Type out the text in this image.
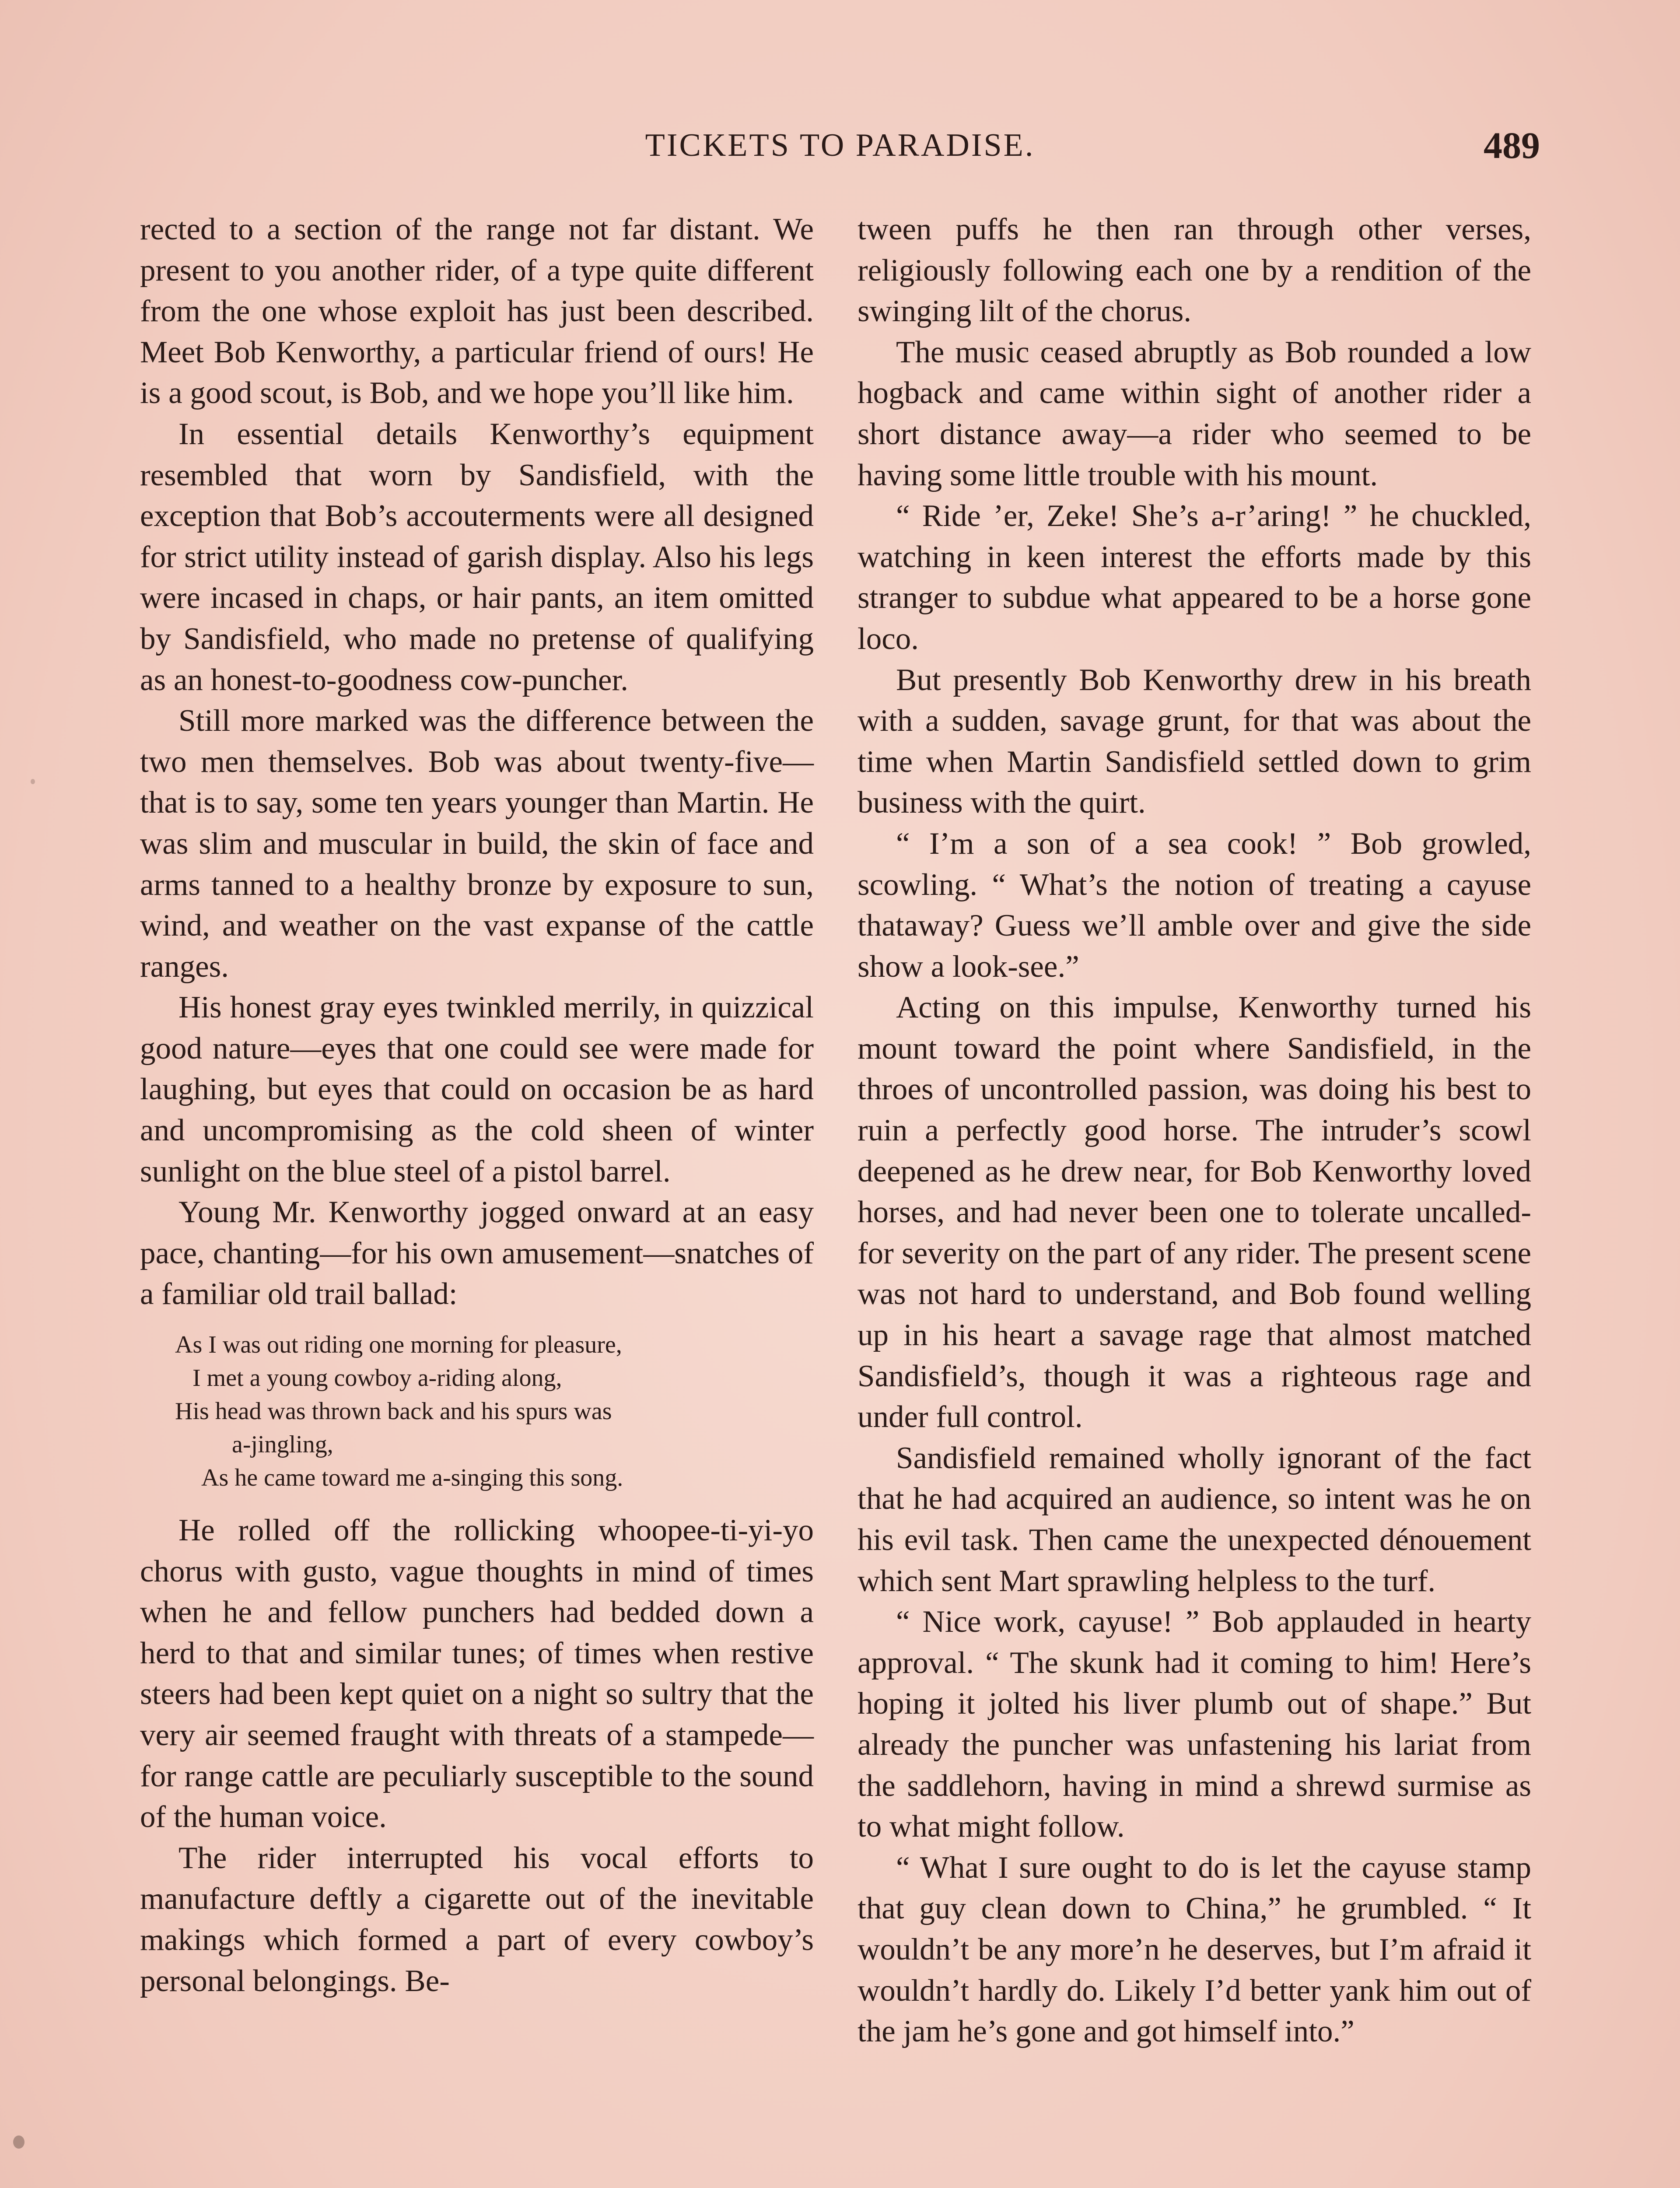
TICKETS TO PARADISE.	489

rected to a section of the range not far distant. We present to you another rider, of a type quite different from the one whose exploit has just been described. Meet Bob Kenworthy, a particular friend of ours! He is a good scout, is Bob, and we hope you’ll like him.

In essential details Kenworthy’s equipment resembled that worn by Sandisfield, with the exception that Bob’s accouterments were all designed for strict utility instead of garish display. Also his legs were incased in chaps, or hair pants, an item omitted by Sandisfield, who made no pretense of qualifying as an honest-to-goodness cow-puncher.

Still more marked was the difference between the two men themselves. Bob was about twenty-five—that is to say, some ten years younger than Martin. He was slim and muscular in build, the skin of face and arms tanned to a healthy bronze by exposure to sun, wind, and weather on the vast expanse of the cattle ranges.

His honest gray eyes twinkled merrily, in quizzical good nature—eyes that one could see were made for laughing, but eyes that could on occasion be as hard and uncompromising as the cold sheen of winter sunlight on the blue steel of a pistol barrel.

Young Mr. Kenworthy jogged onward at an easy pace, chanting—for his own amusement—snatches of a familiar old trail ballad:

As I was out riding one morning for pleasure,
I met a young cowboy a-riding along,
His head was thrown back and his spurs was
a-jingling,
As he came toward me a-singing this song.

He rolled off the rollicking whoopee-ti-yi-yo chorus with gusto, vague thoughts in mind of times when he and fellow punchers had bedded down a herd to that and similar tunes; of times when restive steers had been kept quiet on a night so sultry that the very air seemed fraught with threats of a stampede—for range cattle are peculiarly susceptible to the sound of the human voice.

The rider interrupted his vocal efforts to manufacture deftly a cigarette out of the inevitable makings which formed a part of every cowboy’s personal belongings. Be-

tween puffs he then ran through other verses, religiously following each one by a rendition of the swinging lilt of the chorus.

The music ceased abruptly as Bob rounded a low hogback and came within sight of another rider a short distance away—a rider who seemed to be having some little trouble with his mount.

“ Ride ’er, Zeke! She’s a-r’aring! ” he chuckled, watching in keen interest the efforts made by this stranger to subdue what appeared to be a horse gone loco.

But presently Bob Kenworthy drew in his breath with a sudden, savage grunt, for that was about the time when Martin Sandisfield settled down to grim business with the quirt.

“ I’m a son of a sea cook! ” Bob growled, scowling. “ What’s the notion of treating a cayuse thataway? Guess we’ll amble over and give the side show a look-see.”

Acting on this impulse, Kenworthy turned his mount toward the point where Sandisfield, in the throes of uncontrolled passion, was doing his best to ruin a perfectly good horse. The intruder’s scowl deepened as he drew near, for Bob Kenworthy loved horses, and had never been one to tolerate uncalled-for severity on the part of any rider. The present scene was not hard to understand, and Bob found welling up in his heart a savage rage that almost matched Sandisfield’s, though it was a righteous rage and under full control.

Sandisfield remained wholly ignorant of the fact that he had acquired an audience, so intent was he on his evil task. Then came the unexpected dénouement which sent Mart sprawling helpless to the turf.

“ Nice work, cayuse! ” Bob applauded in hearty approval. “ The skunk had it coming to him! Here’s hoping it jolted his liver plumb out of shape.” But already the puncher was unfastening his lariat from the saddlehorn, having in mind a shrewd surmise as to what might follow.

“ What I sure ought to do is let the cayuse stamp that guy clean down to China,” he grumbled. “ It wouldn’t be any more’n he deserves, but I’m afraid it wouldn’t hardly do. Likely I’d better yank him out of the jam he’s gone and got himself into.”
